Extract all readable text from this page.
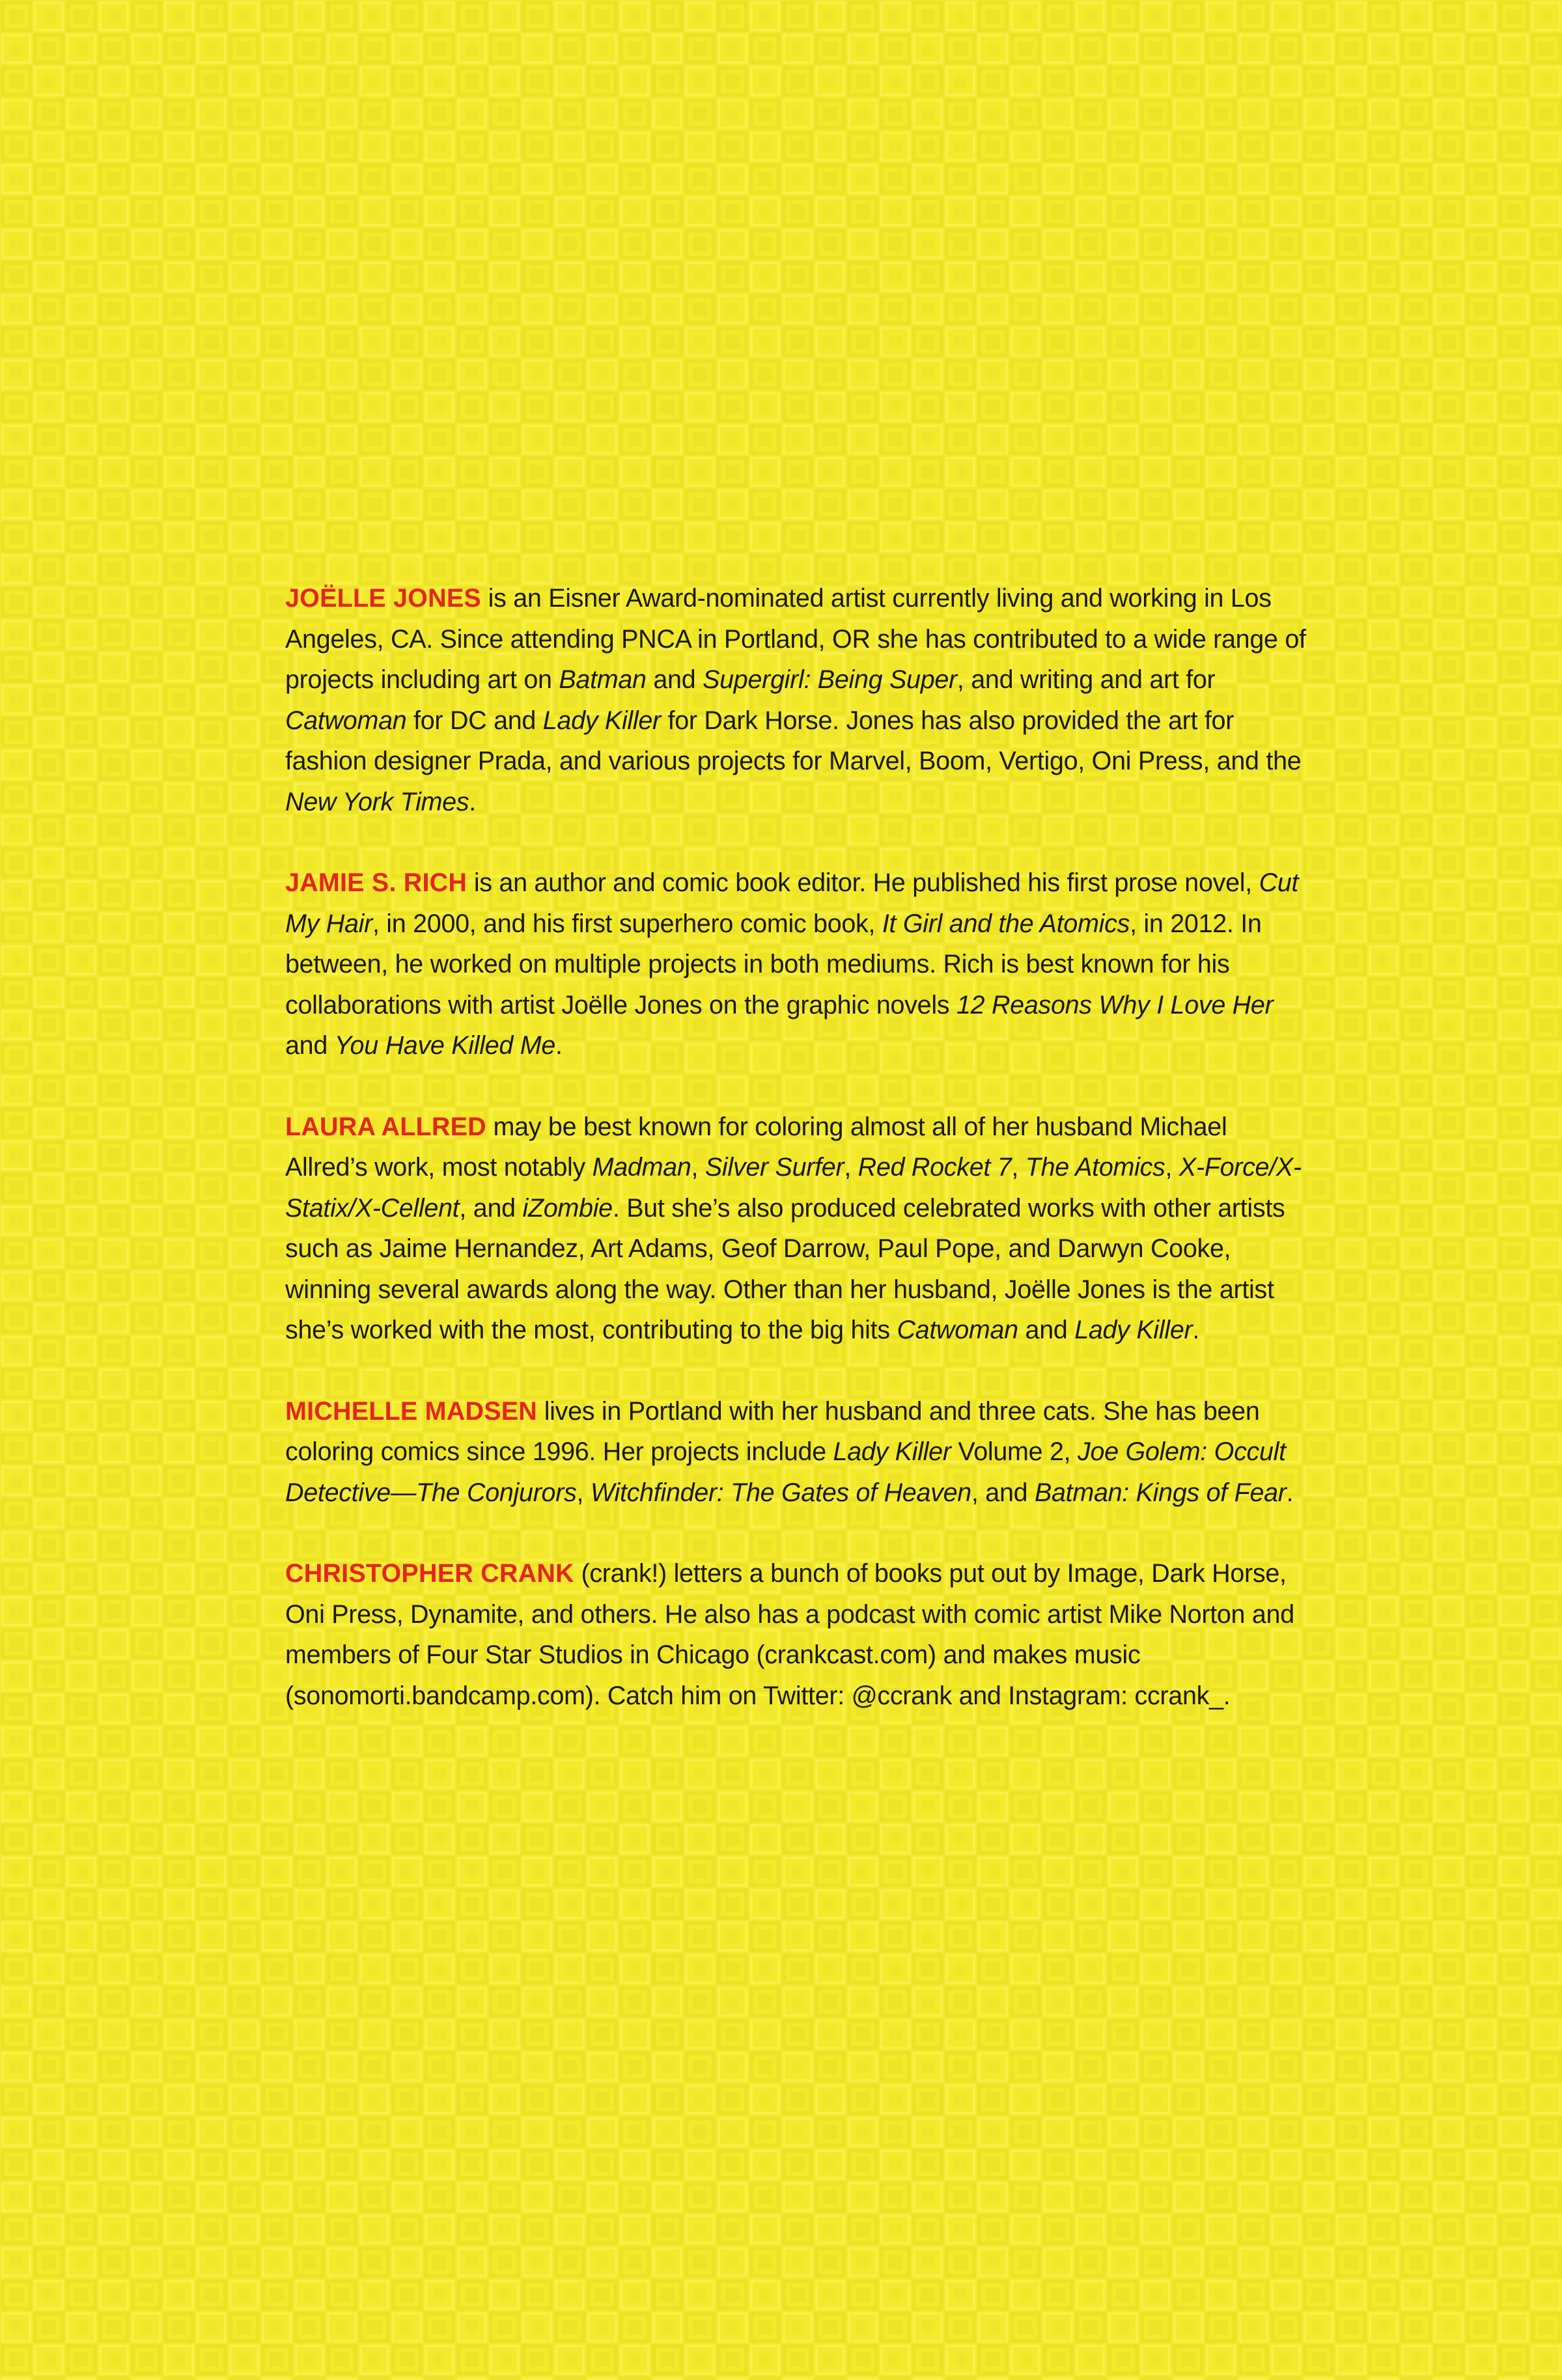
JOËLLE JONES is an Eisner Award-nominated artist currently living and working in Los Angeles, CA. Since attending PNCA in Portland, OR she has contributed to a wide range of projects including art on Batman and Supergirl: Being Super, and writing and art for Catwoman for DC and Lady Killer for Dark Horse. Jones has also provided the art for fashion designer Prada, and various projects for Marvel, Boom, Vertigo, Oni Press, and the New York Times.

JAMIE S. RICH is an author and comic book editor. He published his first prose novel, Cut My Hair, in 2000, and his first superhero comic book, It Girl and the Atomics, in 2012. In between, he worked on multiple projects in both mediums. Rich is best known for his collaborations with artist Joëlle Jones on the graphic novels 12 Reasons Why I Love Her and You Have Killed Me.

LAURA ALLRED may be best known for coloring almost all of her husband Michael Allred’s work, most notably Madman, Silver Surfer, Red Rocket 7, The Atomics, X-Force/X-Statix/X-Cellent, and iZombie. But she’s also produced celebrated works with other artists such as Jaime Hernandez, Art Adams, Geof Darrow, Paul Pope, and Darwyn Cooke, winning several awards along the way. Other than her husband, Joëlle Jones is the artist she’s worked with the most, contributing to the big hits Catwoman and Lady Killer.

MICHELLE MADSEN lives in Portland with her husband and three cats. She has been coloring comics since 1996. Her projects include Lady Killer Volume 2, Joe Golem: Occult Detective—The Conjurors, Witchfinder: The Gates of Heaven, and Batman: Kings of Fear.

CHRISTOPHER CRANK (crank!) letters a bunch of books put out by Image, Dark Horse, Oni Press, Dynamite, and others. He also has a podcast with comic artist Mike Norton and members of Four Star Studios in Chicago (crankcast.com) and makes music (sonomorti.bandcamp.com). Catch him on Twitter: @ccrank and Instagram: ccrank_.
